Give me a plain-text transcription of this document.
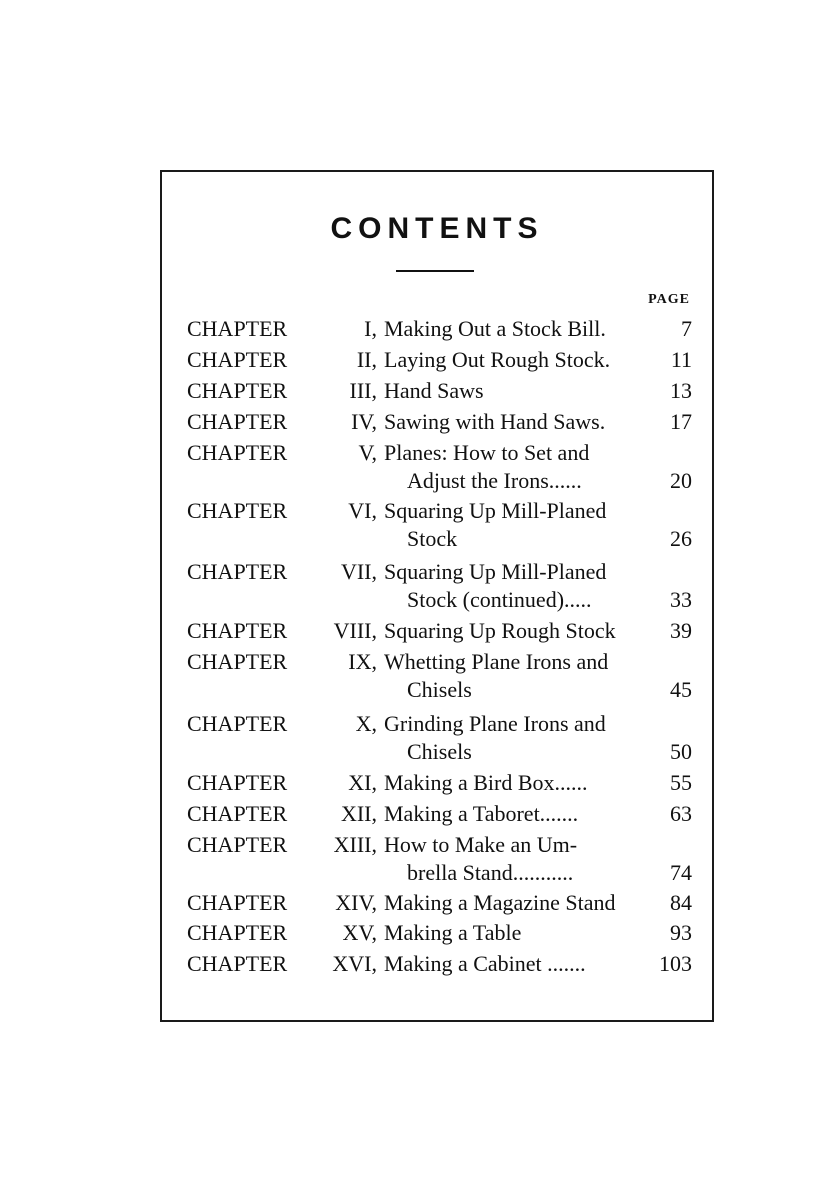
CONTENTS
PAGE
CHAPTER	I, Making Out a Stock Bill.	7
CHAPTER	II, Laying Out Rough Stock.	11
CHAPTER	III, Hand Saws	13
CHAPTER	IV, Sawing with Hand Saws.	17
CHAPTER	V, Planes: How to Set and
Adjust the Irons......	20
CHAPTER	VI, Squaring Up Mill-Planed
Stock	26
CHAPTER VII, Squaring Up Mill-Planed
Stock (continued).....	33
CHAPTER VIII, Squaring Up Rough Stock 39
CHAPTER	IX, Whetting Plane Irons and
Chisels	45
CHAPTER	X, Grinding Plane Irons and
Chisels	50
CHAPTER	XI, Making a Bird Box......	55
CHAPTER XII, Making a Taboret.......	63
CHAPTER XIII, How to Make an Um-
brella Stand...........	74
CHAPTER XIV, Making a Magazine Stand 84
CHAPTER	XV, Making a Table	93
CHAPTER XVI, Making a Cabinet .......	103
